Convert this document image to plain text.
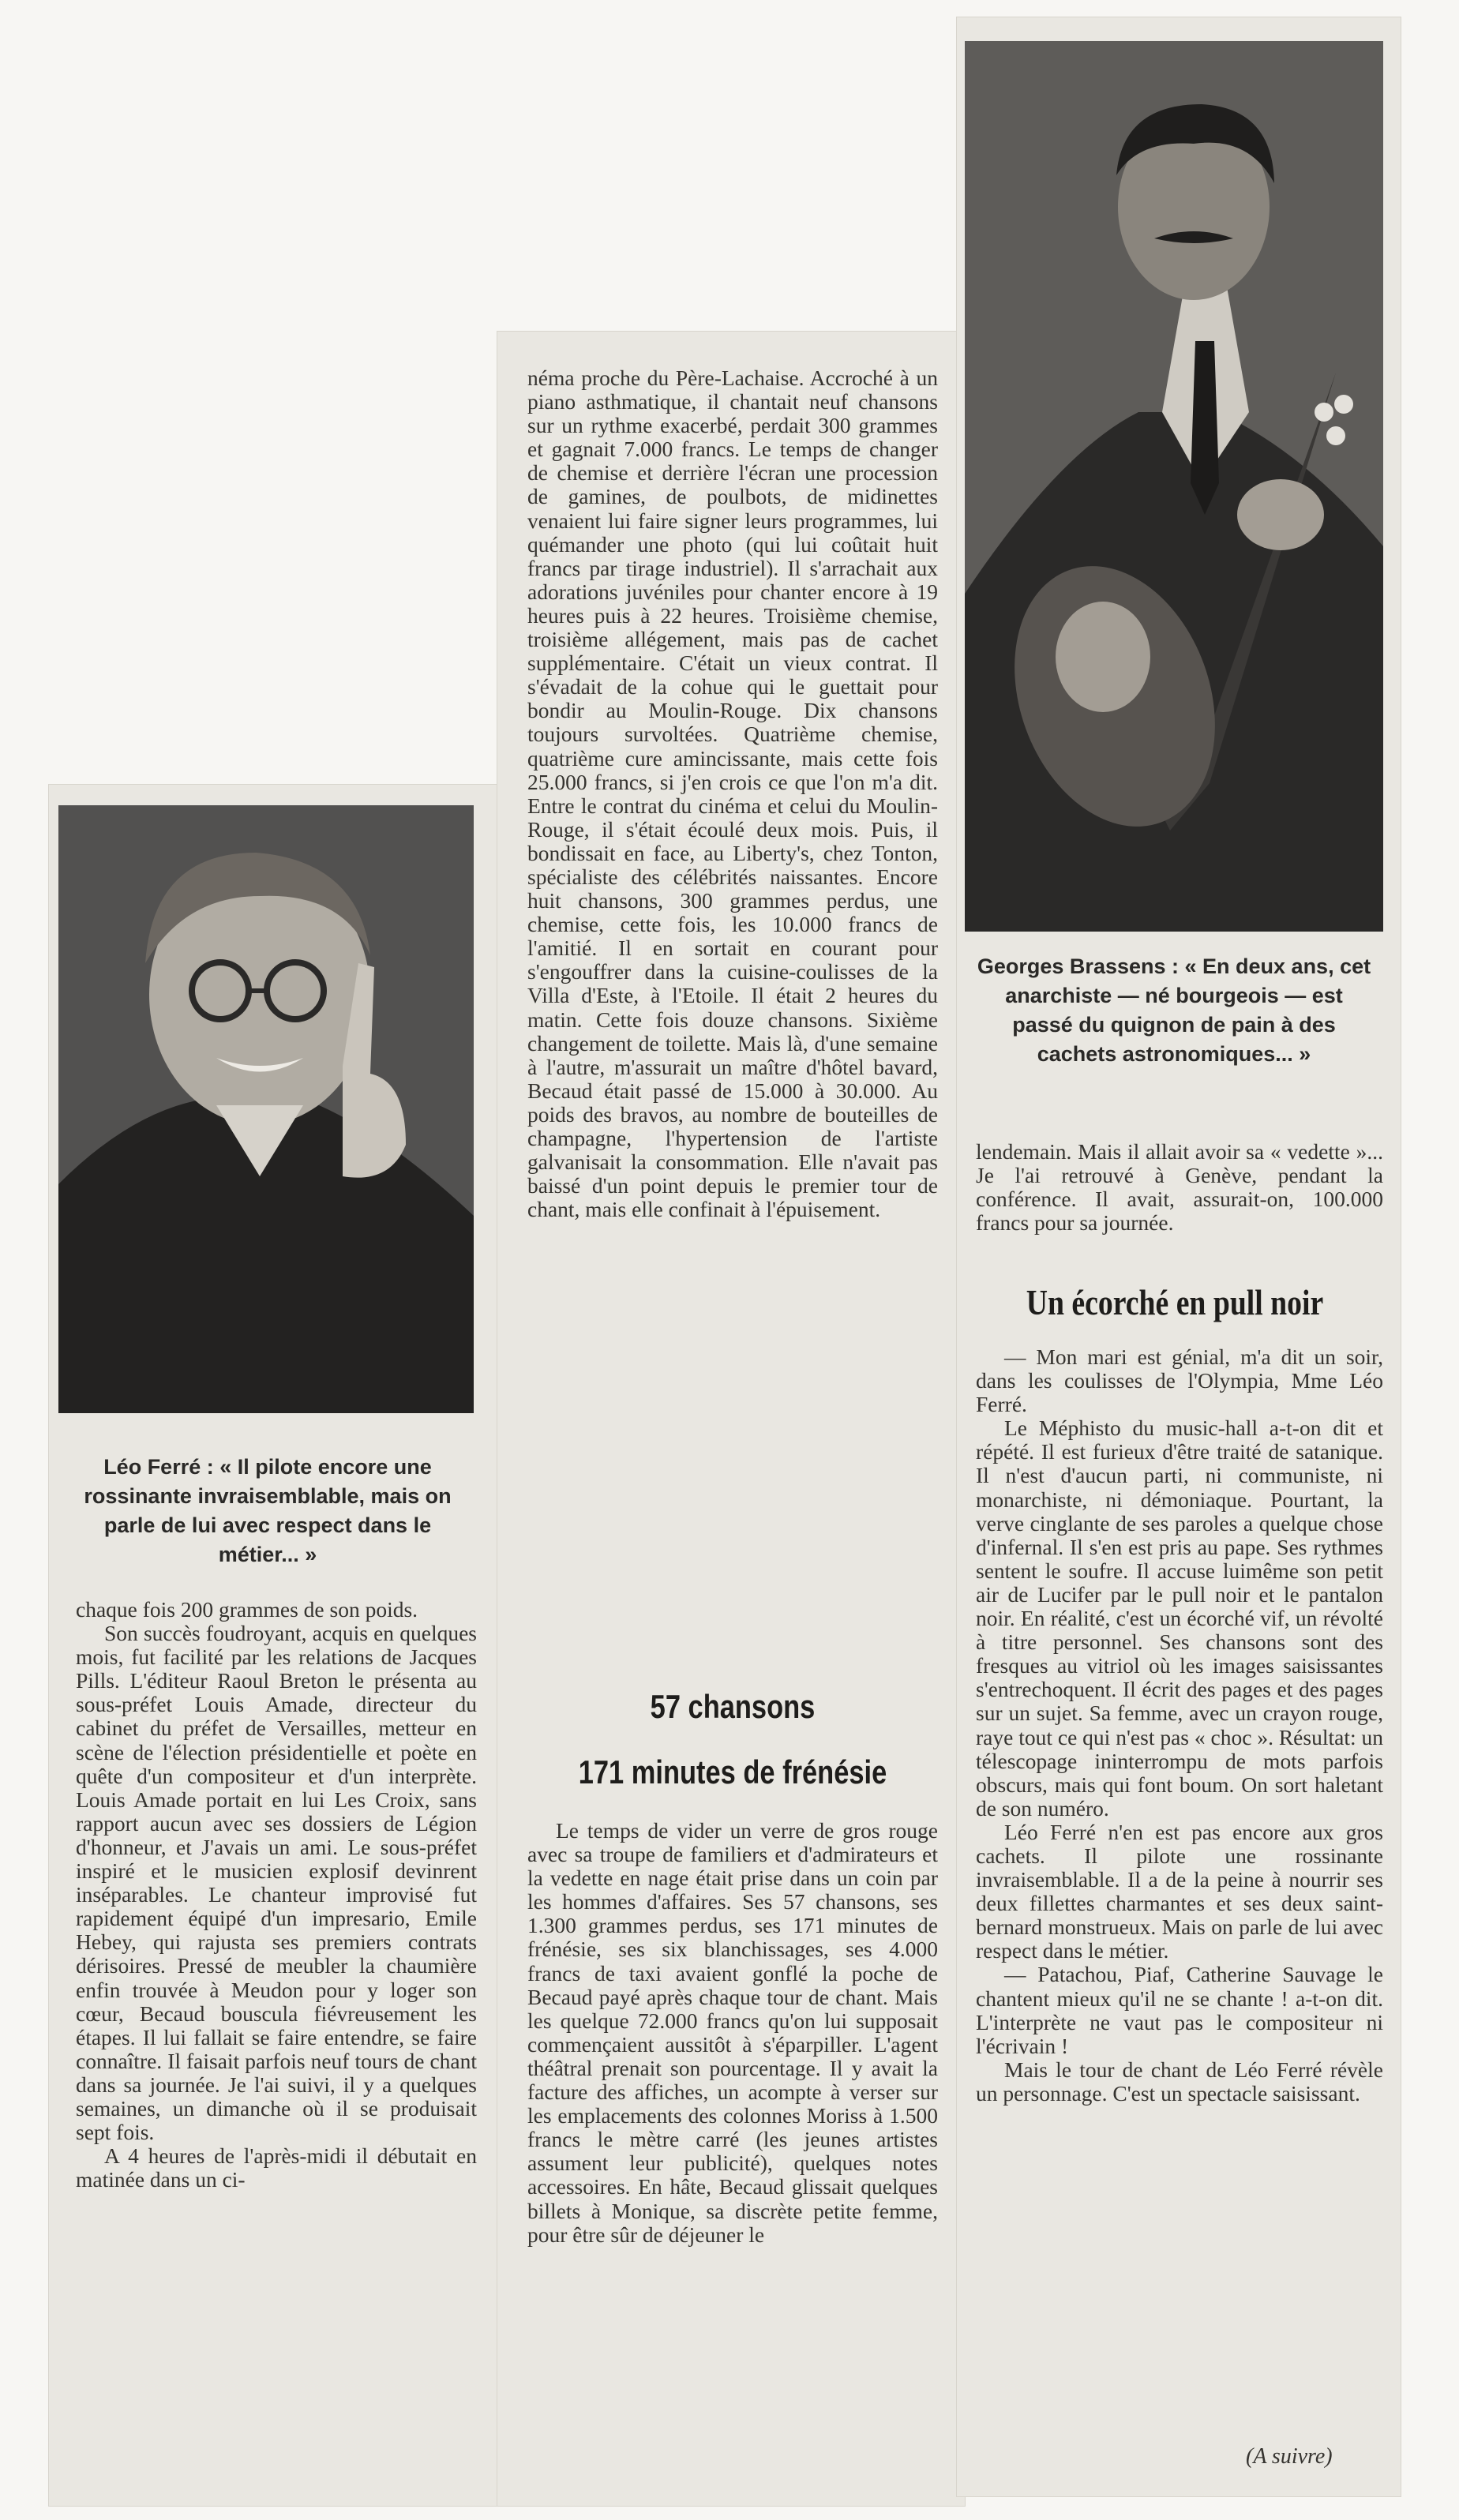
Georges Brassens : « En deux ans, cet anarchiste — né bourgeois — est passé du quignon de pain à des cachets astronomiques... »
Léo Ferré : « Il pilote encore une rossinante invraisemblable, mais on parle de lui avec respect dans le métier... »

chaque fois 200 grammes de son poids.

Son succès foudroyant, acquis en quelques mois, fut facilité par les relations de Jacques Pills. L'éditeur Raoul Breton le présenta au sous-préfet Louis Amade, directeur du cabinet du préfet de Versailles, metteur en scène de l'élection présidentielle et poète en quête d'un compositeur et d'un interprète. Louis Amade portait en lui Les Croix, sans rapport aucun avec ses dossiers de Légion d'honneur, et J'avais un ami. Le sous-préfet inspiré et le musicien explosif devinrent inséparables. Le chanteur improvisé fut rapidement équipé d'un impresario, Emile Hebey, qui rajusta ses premiers contrats dérisoires. Pressé de meubler la chaumière enfin trouvée à Meudon pour y loger son cœur, Becaud bouscula fiévreusement les étapes. Il lui fallait se faire entendre, se faire connaître. Il faisait parfois neuf tours de chant dans sa journée. Je l'ai suivi, il y a quelques semaines, un dimanche où il se produisait sept fois.

A 4 heures de l'après-midi il débutait en matinée dans un ci-

néma proche du Père-Lachaise. Accroché à un piano asthmatique, il chantait neuf chansons sur un rythme exacerbé, perdait 300 grammes et gagnait 7.000 francs. Le temps de changer de chemise et derrière l'écran une procession de gamines, de poulbots, de midinettes venaient lui faire signer leurs programmes, lui quémander une photo (qui lui coûtait huit francs par tirage industriel). Il s'arrachait aux adorations juvéniles pour chanter encore à 19 heures puis à 22 heures. Troisième chemise, troisième allégement, mais pas de cachet supplémentaire. C'était un vieux contrat. Il s'évadait de la cohue qui le guettait pour bondir au Moulin-Rouge. Dix chansons toujours survoltées. Quatrième chemise, quatrième cure amincissante, mais cette fois 25.000 francs, si j'en crois ce que l'on m'a dit. Entre le contrat du cinéma et celui du Moulin-Rouge, il s'était écoulé deux mois. Puis, il bondissait en face, au Liberty's, chez Tonton, spécialiste des célébrités naissantes. Encore huit chansons, 300 grammes perdus, une chemise, cette fois, les 10.000 francs de l'amitié. Il en sortait en courant pour s'engouffrer dans la cuisine-coulisses de la Villa d'Este, à l'Etoile. Il était 2 heures du matin. Cette fois douze chansons. Sixième changement de toilette. Mais là, d'une semaine à l'autre, m'assurait un maître d'hôtel bavard, Becaud était passé de 15.000 à 30.000. Au poids des bravos, au nombre de bouteilles de champagne, l'hypertension de l'artiste galvanisait la consommation. Elle n'avait pas baissé d'un point depuis le premier tour de chant, mais elle confinait à l'épuisement.

57 chansons
171 minutes de frénésie

Le temps de vider un verre de gros rouge avec sa troupe de familiers et d'admirateurs et la vedette en nage était prise dans un coin par les hommes d'affaires. Ses 57 chansons, ses 1.300 grammes perdus, ses 171 minutes de frénésie, ses six blanchissages, ses 4.000 francs de taxi avaient gonflé la poche de Becaud payé après chaque tour de chant. Mais les quelque 72.000 francs qu'on lui supposait commençaient aussitôt à s'éparpiller. L'agent théâtral prenait son pourcentage. Il y avait la facture des affiches, un acompte à verser sur les emplacements des colonnes Moriss à 1.500 francs le mètre carré (les jeunes artistes assument leur publicité), quelques notes accessoires. En hâte, Becaud glissait quelques billets à Monique, sa discrète petite femme, pour être sûr de déjeuner le

lendemain. Mais il allait avoir sa « vedette »... Je l'ai retrouvé à Genève, pendant la conférence. Il avait, assurait-on, 100.000 francs pour sa journée.

Un écorché en pull noir

— Mon mari est génial, m'a dit un soir, dans les coulisses de l'Olympia, Mme Léo Ferré.

Le Méphisto du music-hall a-t-on dit et répété. Il est furieux d'être traité de satanique. Il n'est d'aucun parti, ni communiste, ni monarchiste, ni démoniaque. Pourtant, la verve cinglante de ses paroles a quelque chose d'infernal. Il s'en est pris au pape. Ses rythmes sentent le soufre. Il accuse luimême son petit air de Lucifer par le pull noir et le pantalon noir. En réalité, c'est un écorché vif, un révolté à titre personnel. Ses chansons sont des fresques au vitriol où les images saisissantes s'entrechoquent. Il écrit des pages et des pages sur un sujet. Sa femme, avec un crayon rouge, raye tout ce qui n'est pas « choc ». Résultat: un télescopage ininterrompu de mots parfois obscurs, mais qui font boum. On sort haletant de son numéro.

Léo Ferré n'en est pas encore aux gros cachets. Il pilote une rossinante invraisemblable. Il a de la peine à nourrir ses deux fillettes charmantes et ses deux saint-bernard monstrueux. Mais on parle de lui avec respect dans le métier.

— Patachou, Piaf, Catherine Sauvage le chantent mieux qu'il ne se chante ! a-t-on dit. L'interprète ne vaut pas le compositeur ni l'écrivain !

Mais le tour de chant de Léo Ferré révèle un personnage. C'est un spectacle saisissant.

(A suivre)
